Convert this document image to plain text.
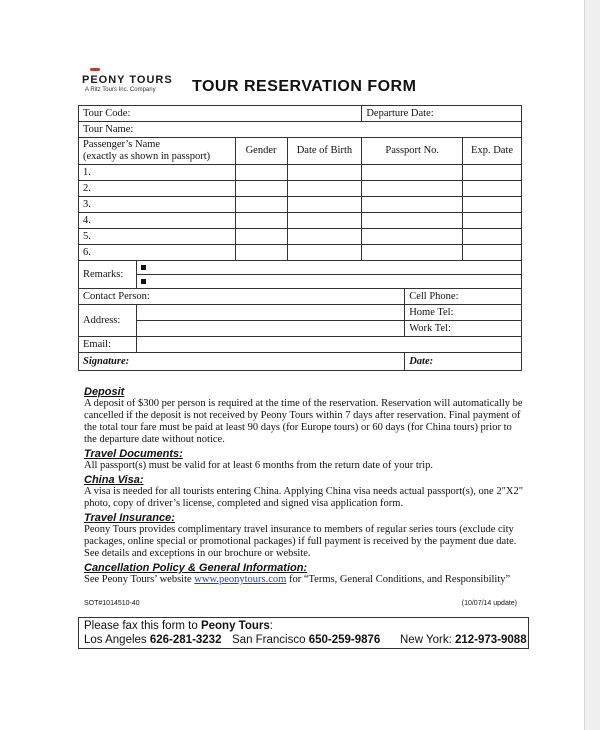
PEONY TOURS
A Ritz Tours Inc. Company	TOUR RESERVATION FORM
Tour Code:				Departure Date:		
Tour Name:						

Passenger’s Name
(exactly as shown in passport)		Gender	Date of Birth	Passport No.		Exp. Date
1.						
2.						
3.						
4.						
5.						
6.						
Remarks:						

Contact Person:					Cell Phone:	
Address:					Home Tel:	
					Work Tel:	
Email:						
Signature:					Date:	
Deposit

A deposit of $300 per person is required at the time of the reservation. Reservation will automatically be cancelled if the deposit is not received by Peony Tours within 7 days after reservation. Final payment of the total tour fare must be paid at least 90 days (for Europe tours) or 60 days (for China tours) prior to the departure date without notice.

Travel Documents:

All passport(s) must be valid for at least 6 months from the return date of your trip.

China Visa:

A visa is needed for all tourists entering China. Applying China visa needs actual passport(s), one 2"X2" photo, copy of driver’s license, completed and signed visa application form.

Travel Insurance:

Peony Tours provides complimentary travel insurance to members of regular series tours (exclude city packages, online special or promotional packages) if full payment is received by the payment due date. See details and exceptions in our brochure or website.

Cancellation Policy & General Information:

See Peony Tours’ website www.peonytours.com for “Terms, General Conditions, and Responsibility”

SOT#1014510-40	(10/07/14 update)
Please fax this form to Peony Tours:
Los Angeles 626-281-3232 San Francisco 650-259-9876 New York: 212-973-9088
